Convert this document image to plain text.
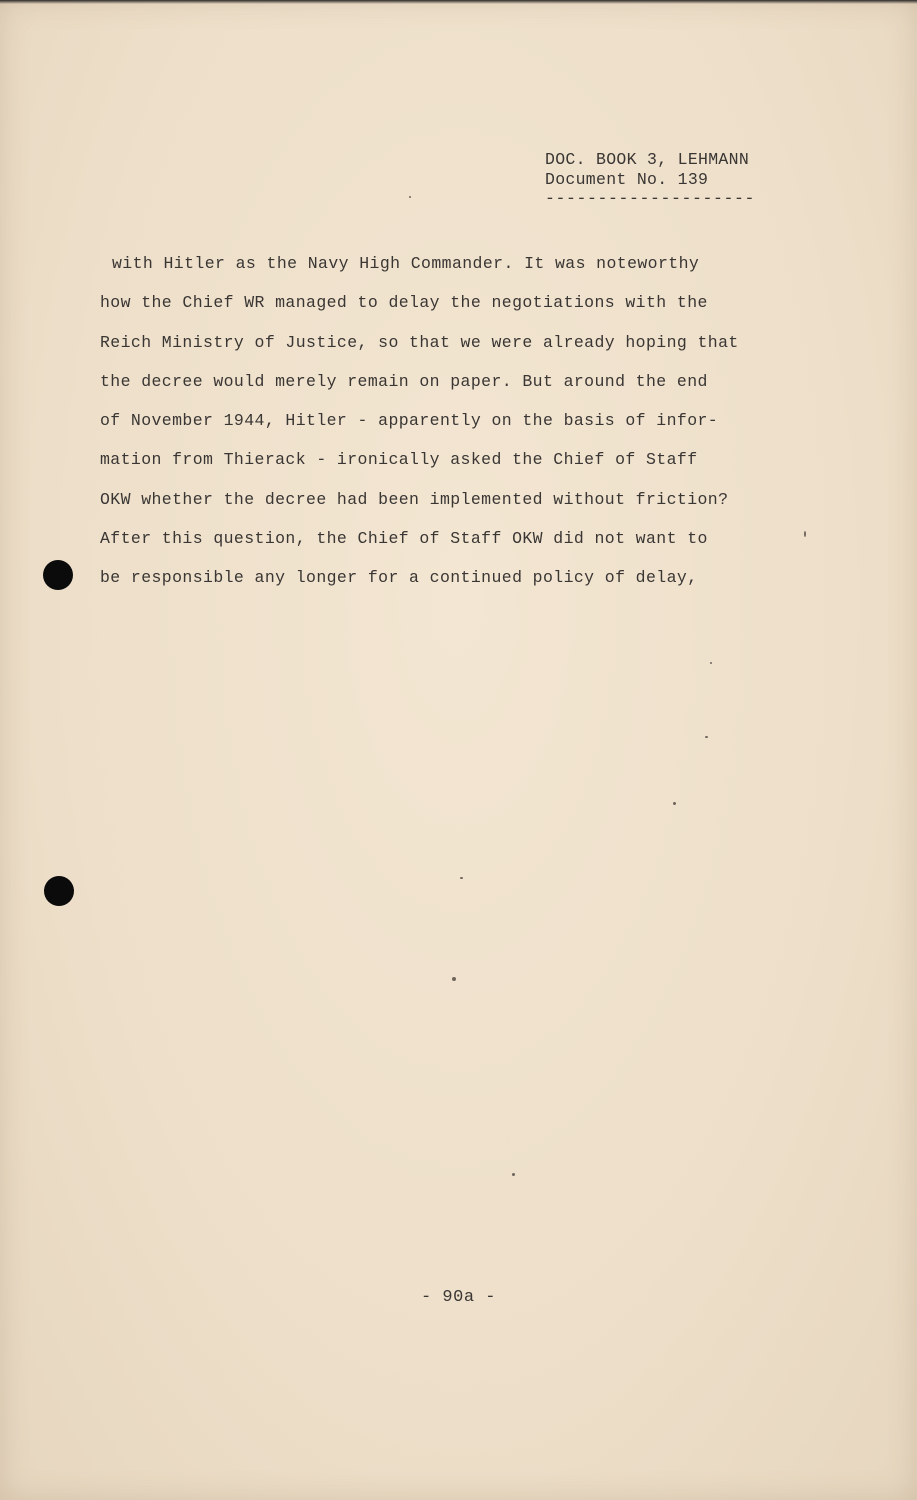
DOC. BOOK 3, LEHMANN
Document No. 139
--------------------
with Hitler as the Navy High Commander. It was noteworthy
how the Chief WR managed to delay the negotiations with the
Reich Ministry of Justice, so that we were already hoping that
the decree would merely remain on paper. But around the end
of November 1944, Hitler - apparently on the basis of infor-
mation from Thierack - ironically asked the Chief of Staff
OKW whether the decree had been implemented without friction?
After this question, the Chief of Staff OKW did not want to
be responsible any longer for a continued policy of delay,
- 90a -
